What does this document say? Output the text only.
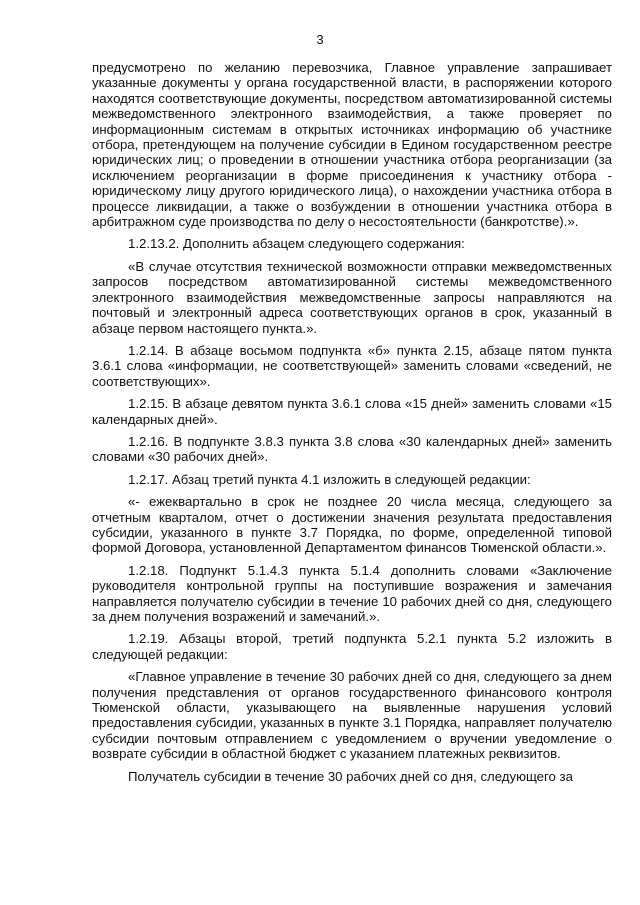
3

предусмотрено по желанию перевозчика, Главное управление запрашивает указанные документы у органа государственной власти, в распоряжении которого находятся соответствующие документы, посредством автоматизированной системы межведомственного электронного взаимодействия, а также проверяет по информационным системам в открытых источниках информацию об участнике отбора, претендующем на получение субсидии в Едином государственном реестре юридических лиц; о проведении в отношении участника отбора реорганизации (за исключением реорганизации в форме присоединения к участнику отбора - юридическому лицу другого юридического лица), о нахождении участника отбора в процессе ликвидации, а также о возбуждении в отношении участника отбора в арбитражном суде производства по делу о несостоятельности (банкротстве).».

1.2.13.2. Дополнить абзацем следующего содержания:

«В случае отсутствия технической возможности отправки межведомственных запросов посредством автоматизированной системы межведомственного электронного взаимодействия межведомственные запросы направляются на почтовый и электронный адреса соответствующих органов в срок, указанный в абзаце первом настоящего пункта.».

1.2.14. В абзаце восьмом подпункта «б» пункта 2.15, абзаце пятом пункта 3.6.1 слова «информации, не соответствующей» заменить словами «сведений, не соответствующих».

1.2.15. В абзаце девятом пункта 3.6.1 слова «15 дней» заменить словами «15 календарных дней».

1.2.16. В подпункте 3.8.3 пункта 3.8 слова «30 календарных дней» заменить словами «30 рабочих дней».

1.2.17. Абзац третий пункта 4.1 изложить в следующей редакции:

«- ежеквартально в срок не позднее 20 числа месяца, следующего за отчетным кварталом, отчет о достижении значения результата предоставления субсидии, указанного в пункте 3.7 Порядка, по форме, определенной типовой формой Договора, установленной Департаментом финансов Тюменской области.».

1.2.18. Подпункт 5.1.4.3 пункта 5.1.4 дополнить словами «Заключение руководителя контрольной группы на поступившие возражения и замечания направляется получателю субсидии в течение 10 рабочих дней со дня, следующего за днем получения возражений и замечаний.».

1.2.19. Абзацы второй, третий подпункта 5.2.1 пункта 5.2 изложить в следующей редакции:

«Главное управление в течение 30 рабочих дней со дня, следующего за днем получения представления от органов государственного финансового контроля Тюменской области, указывающего на выявленные нарушения условий предоставления субсидии, указанных в пункте 3.1 Порядка, направляет получателю субсидии почтовым отправлением с уведомлением о вручении уведомление о возврате субсидии в областной бюджет с указанием платежных реквизитов.

Получатель субсидии в течение 30 рабочих дней со дня, следующего за
